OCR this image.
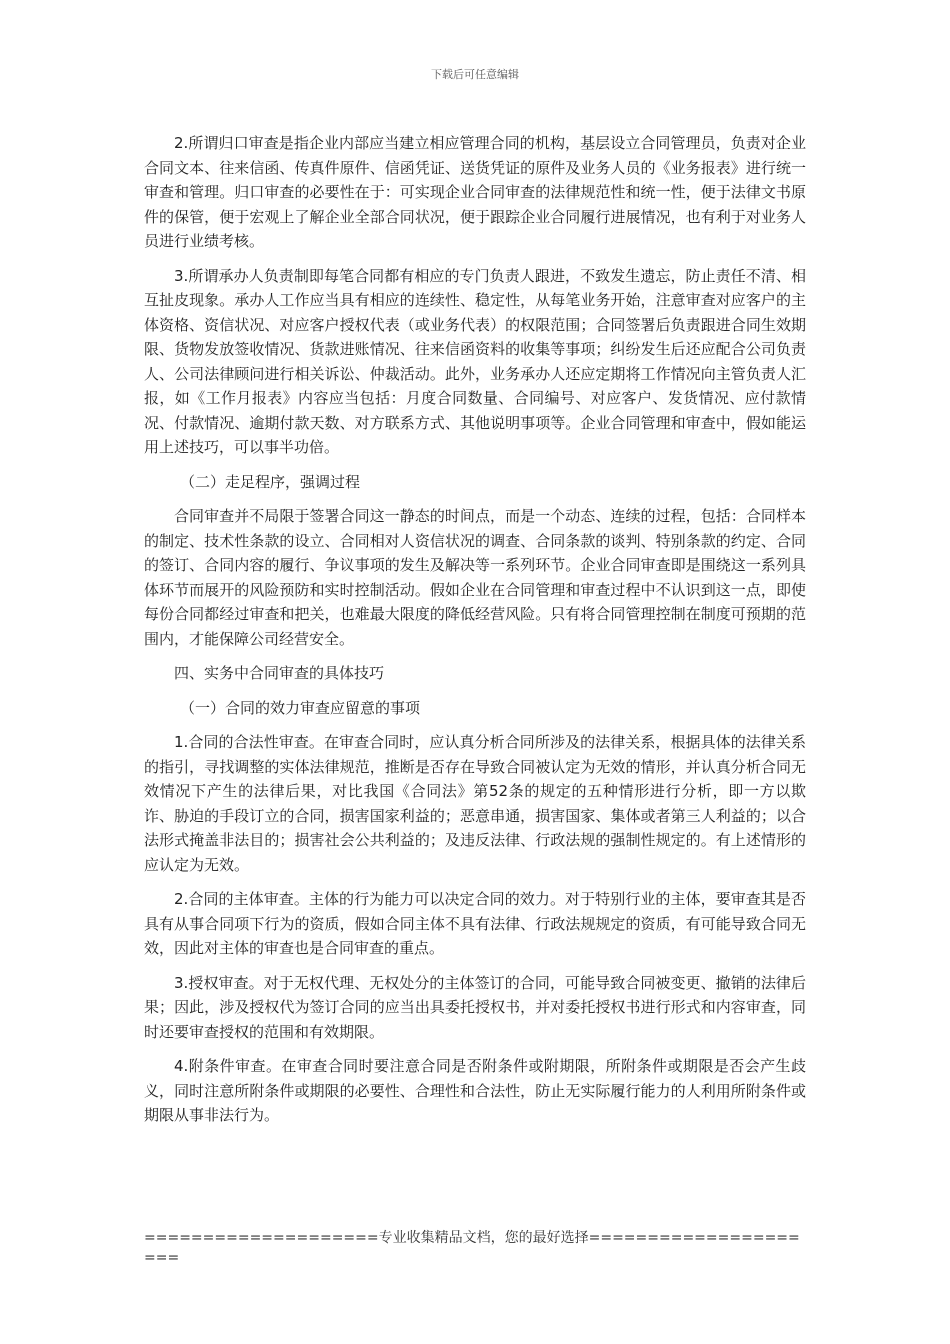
下载后可任意编辑

2.所谓归口审查是指企业内部应当建立相应管理合同的机构，基层设立合同管理员，负责对企业合同文本、往来信函、传真件原件、信函凭证、送货凭证的原件及业务人员的《业务报表》进行统一审查和管理。归口审查的必要性在于：可实现企业合同审查的法律规范性和统一性，便于法律文书原件的保管，便于宏观上了解企业全部合同状况，便于跟踪企业合同履行进展情况，也有利于对业务人员进行业绩考核。

3.所谓承办人负责制即每笔合同都有相应的专门负责人跟进，不致发生遗忘，防止责任不清、相互扯皮现象。承办人工作应当具有相应的连续性、稳定性，从每笔业务开始，注意审查对应客户的主体资格、资信状况、对应客户授权代表（或业务代表）的权限范围；合同签署后负责跟进合同生效期限、货物发放签收情况、货款进账情况、往来信函资料的收集等事项；纠纷发生后还应配合公司负责人、公司法律顾问进行相关诉讼、仲裁活动。此外，业务承办人还应定期将工作情况向主管负责人汇报，如《工作月报表》内容应当包括：月度合同数量、合同编号、对应客户、发货情况、应付款情况、付款情况、逾期付款天数、对方联系方式、其他说明事项等。企业合同管理和审查中，假如能运用上述技巧，可以事半功倍。

（二）走足程序，强调过程

合同审查并不局限于签署合同这一静态的时间点，而是一个动态、连续的过程，包括：合同样本的制定、技术性条款的设立、合同相对人资信状况的调查、合同条款的谈判、特别条款的约定、合同的签订、合同内容的履行、争议事项的发生及解决等一系列环节。企业合同审查即是围绕这一系列具体环节而展开的风险预防和实时控制活动。假如企业在合同管理和审查过程中不认识到这一点，即使每份合同都经过审查和把关，也难最大限度的降低经营风险。只有将合同管理控制在制度可预期的范围内，才能保障公司经营安全。

四、实务中合同审查的具体技巧

（一）合同的效力审查应留意的事项

1.合同的合法性审查。在审查合同时，应认真分析合同所涉及的法律关系，根据具体的法律关系的指引，寻找调整的实体法律规范，推断是否存在导致合同被认定为无效的情形，并认真分析合同无效情况下产生的法律后果，对比我国《合同法》第52条的规定的五种情形进行分析，即一方以欺诈、胁迫的手段订立的合同，损害国家利益的；恶意串通，损害国家、集体或者第三人利益的；以合法形式掩盖非法目的；损害社会公共利益的；及违反法律、行政法规的强制性规定的。有上述情形的应认定为无效。

2.合同的主体审查。主体的行为能力可以决定合同的效力。对于特别行业的主体，要审查其是否具有从事合同项下行为的资质，假如合同主体不具有法律、行政法规规定的资质，有可能导致合同无效，因此对主体的审查也是合同审查的重点。

3.授权审查。对于无权代理、无权处分的主体签订的合同，可能导致合同被变更、撤销的法律后果；因此，涉及授权代为签订合同的应当出具委托授权书，并对委托授权书进行形式和内容审查，同时还要审查授权的范围和有效期限。

4.附条件审查。在审查合同时要注意合同是否附条件或附期限，所附条件或期限是否会产生歧义，同时注意所附条件或期限的必要性、合理性和合法性，防止无实际履行能力的人利用所附条件或期限从事非法行为。

====================专业收集精品文档，您的最好选择=====================
